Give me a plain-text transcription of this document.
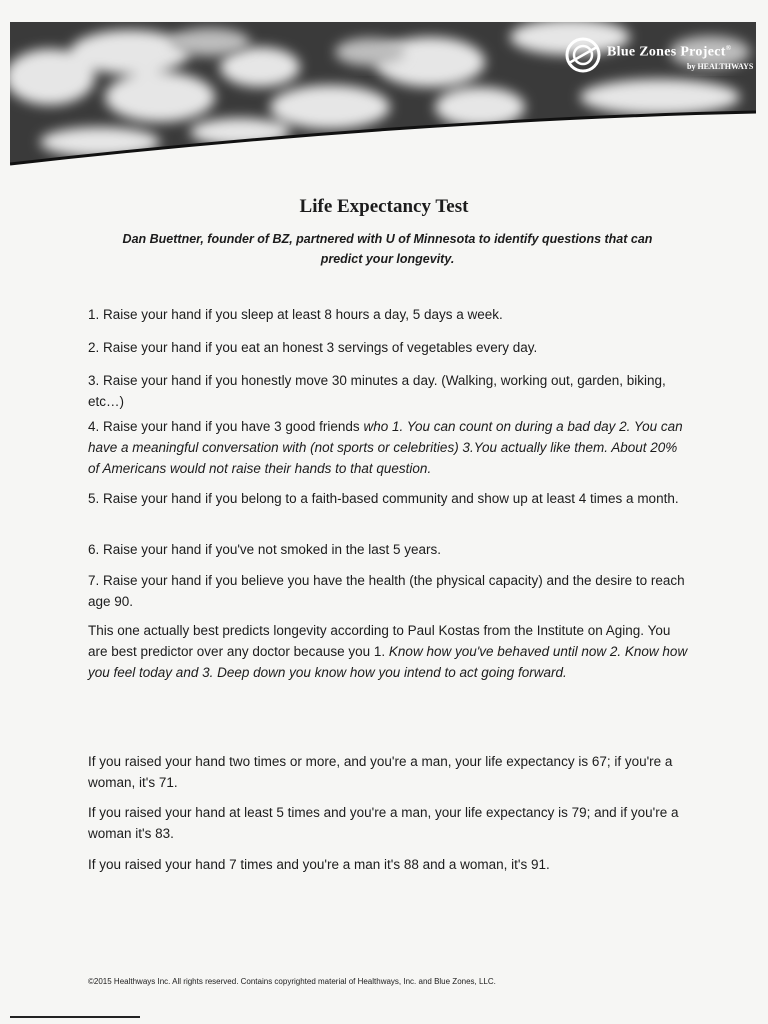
Blue Zones Project®
by HEALTHWAYS
Life Expectancy Test
Dan Buettner, founder of BZ, partnered with U of Minnesota to identify questions that can predict your longevity.

1. Raise your hand if you sleep at least 8 hours a day, 5 days a week.

2. Raise your hand if you eat an honest 3 servings of vegetables every day.

3. Raise your hand if you honestly move 30 minutes a day. (Walking, working out, garden, biking, etc…)

4. Raise your hand if you have 3 good friends who 1. You can count on during a bad day 2. You can have a meaningful conversation with (not sports or celebrities) 3.You actually like them. About 20% of Americans would not raise their hands to that question.

5. Raise your hand if you belong to a faith-based community and show up at least 4 times a month.

6. Raise your hand if you've not smoked in the last 5 years.

7. Raise your hand if you believe you have the health (the physical capacity) and the desire to reach age 90.

This one actually best predicts longevity according to Paul Kostas from the Institute on Aging. You are best predictor over any doctor because you 1. Know how you've behaved until now 2. Know how you feel today and 3. Deep down you know how you intend to act going forward.

If you raised your hand two times or more, and you're a man, your life expectancy is 67; if you're a woman, it's 71.

If you raised your hand at least 5 times and you're a man, your life expectancy is 79; and if you're a woman it's 83.

If you raised your hand 7 times and you're a man it's 88 and a woman, it's 91.

©2015 Healthways Inc. All rights reserved. Contains copyrighted material of Healthways, Inc. and Blue Zones, LLC.
